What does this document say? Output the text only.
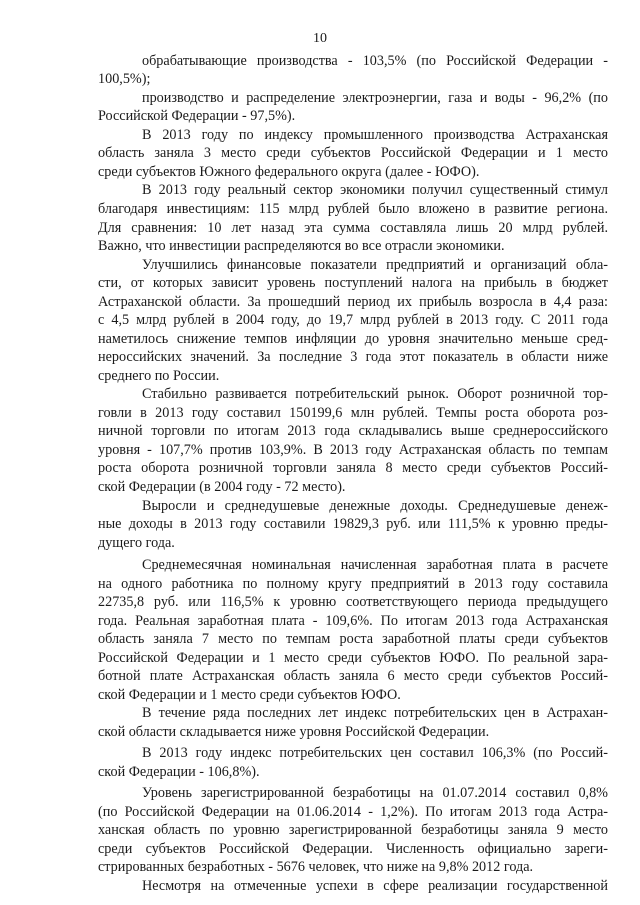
10
обрабатывающие производства - 103,5% (по Российской Федерации -
100,5%);
производство и распределение электроэнергии, газа и воды - 96,2% (по
Российской Федерации - 97,5%).
В 2013 году по индексу промышленного производства Астраханская
область заняла 3 место среди субъектов Российской Федерации и 1 место
среди субъектов Южного федерального округа (далее - ЮФО).
В 2013 году реальный сектор экономики получил существенный стимул
благодаря инвестициям: 115 млрд рублей было вложено в развитие региона.
Для сравнения: 10 лет назад эта сумма составляла лишь 20 млрд рублей.
Важно, что инвестиции распределяются во все отрасли экономики.
Улучшились финансовые показатели предприятий и организаций обла-
сти, от которых зависит уровень поступлений налога на прибыль в бюджет
Астраханской области. За прошедший период их прибыль возросла в 4,4 раза:
с 4,5 млрд рублей в 2004 году, до 19,7 млрд рублей в 2013 году. С 2011 года
наметилось снижение темпов инфляции до уровня значительно меньше сред-
нероссийских значений. За последние 3 года этот показатель в области ниже
среднего по России.
Стабильно развивается потребительский рынок. Оборот розничной тор-
говли в 2013 году составил 150199,6 млн рублей. Темпы роста оборота роз-
ничной торговли по итогам 2013 года складывались выше среднероссийского
уровня - 107,7% против 103,9%. В 2013 году Астраханская область по темпам
роста оборота розничной торговли заняла 8 место среди субъектов Россий-
ской Федерации (в 2004 году - 72 место).
Выросли и среднедушевые денежные доходы. Среднедушевые денеж-
ные доходы в 2013 году составили 19829,3 руб. или 111,5% к уровню преды-
дущего года.
Среднемесячная номинальная начисленная заработная плата в расчете
на одного работника по полному кругу предприятий в 2013 году составила
22735,8 руб. или 116,5% к уровню соответствующего периода предыдущего
года. Реальная заработная плата - 109,6%. По итогам 2013 года Астраханская
область заняла 7 место по темпам роста заработной платы среди субъектов
Российской Федерации и 1 место среди субъектов ЮФО. По реальной зара-
ботной плате Астраханская область заняла 6 место среди субъектов Россий-
ской Федерации и 1 место среди субъектов ЮФО.
В течение ряда последних лет индекс потребительских цен в Астрахан-
ской области складывается ниже уровня Российской Федерации.
В 2013 году индекс потребительских цен составил 106,3% (по Россий-
ской Федерации - 106,8%).
Уровень зарегистрированной безработицы на 01.07.2014 составил 0,8%
(по Российской Федерации на 01.06.2014 - 1,2%). По итогам 2013 года Астра-
ханская область по уровню зарегистрированной безработицы заняла 9 место
среди субъектов Российской Федерации. Численность официально зареги-
стрированных безработных - 5676 человек, что ниже на 9,8% 2012 года.
Несмотря на отмеченные успехи в сфере реализации государственной
